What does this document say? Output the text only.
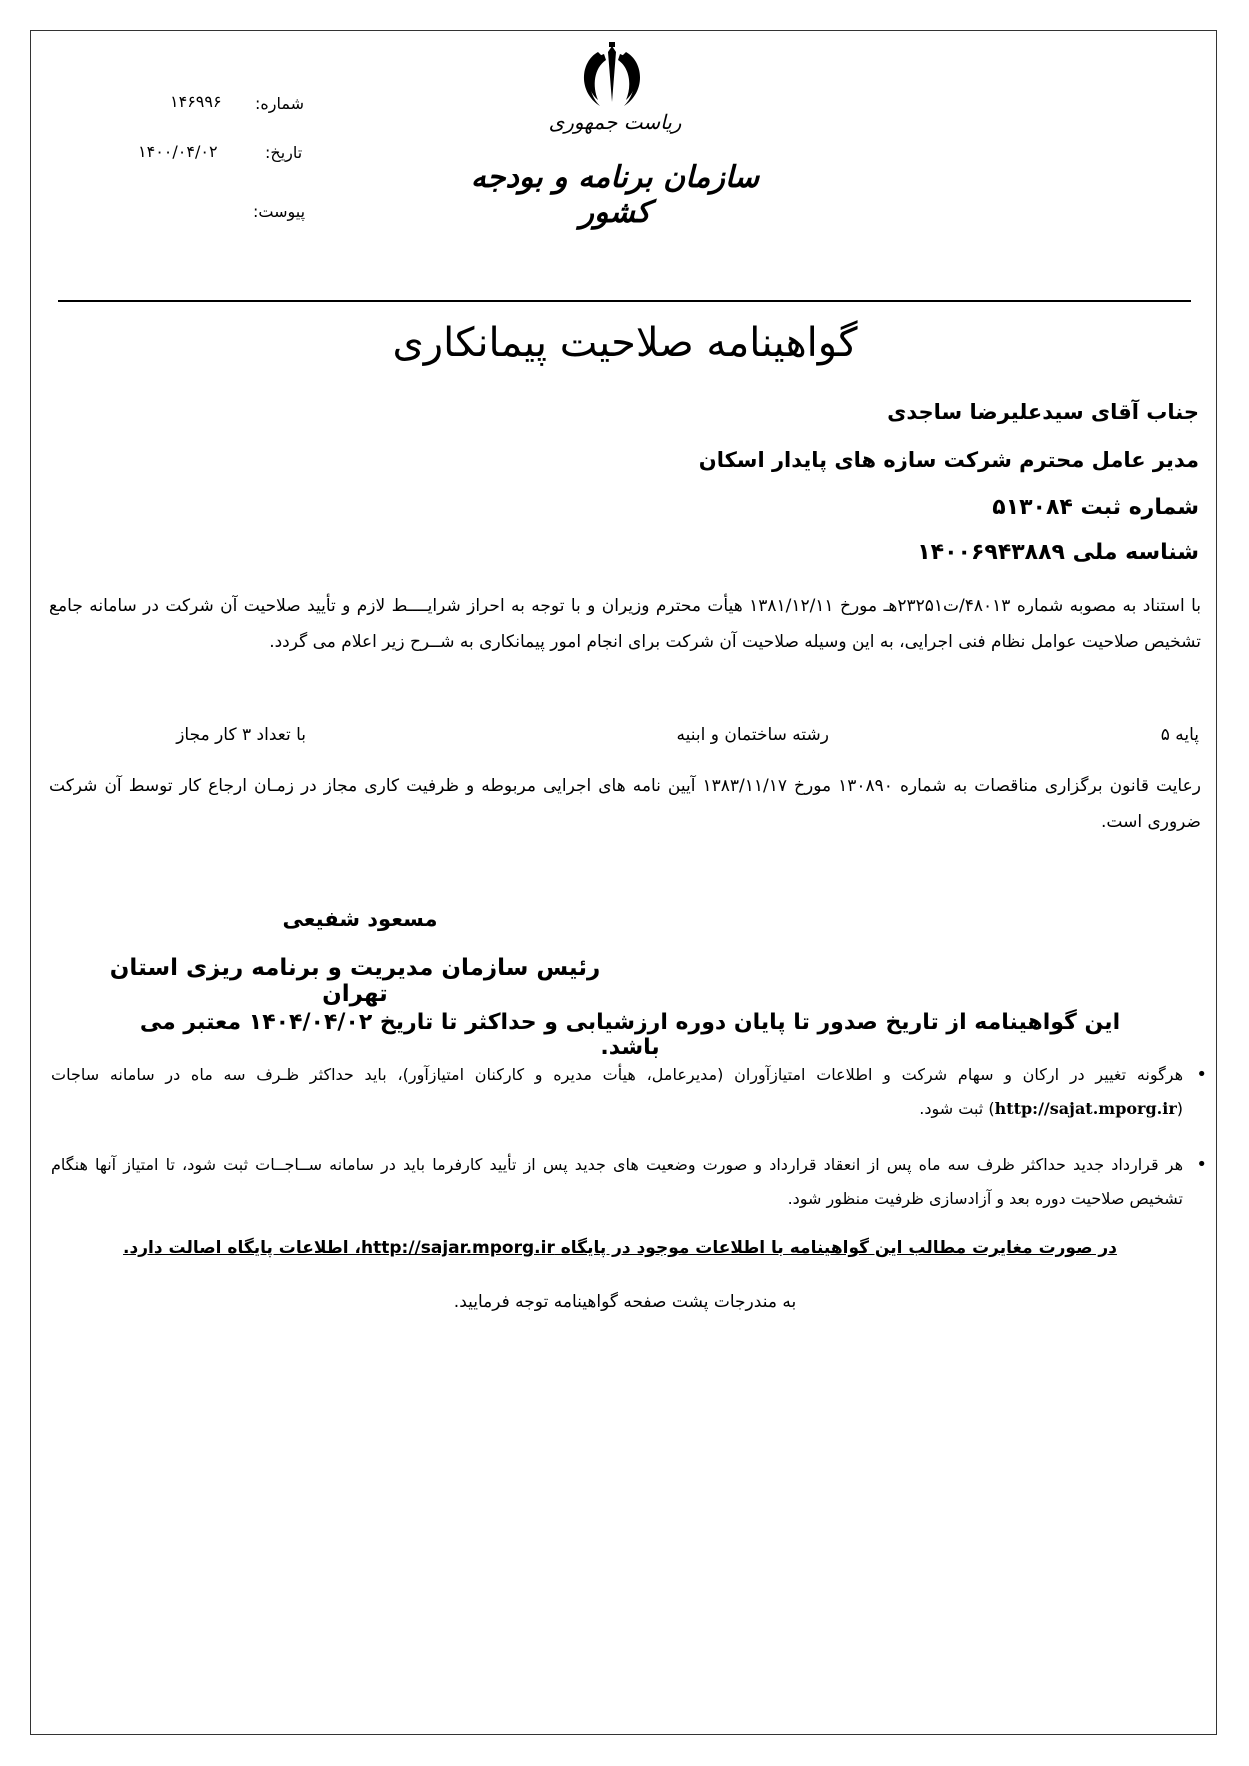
شماره:
۱۴۶۹۹۶
تاریخ:
۱۴۰۰/۰۴/۰۲
پیوست:
ریاست جمهوری
سازمان برنامه و بودجه کشور
گواهینامه صلاحیت پیمانکاری
جناب آقای سیدعلیرضا ساجدی
مدیر عامل محترم شرکت سازه های پایدار اسکان
شماره ثبت ۵۱۳۰۸۴
شناسه ملی ۱۴۰۰۶۹۴۳۸۸۹
با استناد به مصوبه شماره ۴۸۰۱۳/ت۲۳۲۵۱هـ مورخ ۱۳۸۱/۱۲/۱۱ هیأت محترم وزیران و با توجه به احراز شرایــــط لازم و تأیید صلاحیت آن شرکت در سامانه جامع تشخیص صلاحیت عوامل نظام فنی اجرایی، به این وسیله صلاحیت آن شرکت برای انجام امور پیمانکاری به شــرح زیر اعلام می گردد.
پایه ۵
رشته ساختمان و ابنیه
با تعداد ۳ کار مجاز
رعایت قانون برگزاری مناقصات به شماره ۱۳۰۸۹۰ مورخ ۱۳۸۳/۱۱/۱۷ آیین نامه های اجرایی مربوطه و ظرفیت کاری مجاز در زمـان ارجاع کار توسط آن شرکت ضروری است.
مسعود شفیعی
رئیس سازمان مدیریت و برنامه ریزی استان تهران
این گواهینامه از تاریخ صدور تا پایان دوره ارزشیابی و حداکثر تا تاریخ ۱۴۰۴/۰۴/۰۲ معتبر می باشد.
•
هرگونه تغییر در ارکان و سهام شرکت و اطلاعات امتیازآوران (مدیرعامل، هیأت مدیره و کارکنان امتیازآور)، باید حداکثر ظـرف سه ماه در سامانه ساجات (http://sajat.mporg.ir) ثبت شود.
•
هر قرارداد جدید حداکثر ظرف سه ماه پس از انعقاد قرارداد و صورت وضعیت های جدید پس از تأیید کارفرما باید در سامانه ســاجــات ثبت شود، تا امتیاز آنها هنگام تشخیص صلاحیت دوره بعد و آزادسازی ظرفیت منظور شود.
در صورت مغایرت مطالب این گواهینامه با اطلاعات موجود در پایگاه http://sajar.mporg.ir، اطلاعات پایگاه اصالت دارد.
به مندرجات پشت صفحه گواهینامه توجه فرمایید.
